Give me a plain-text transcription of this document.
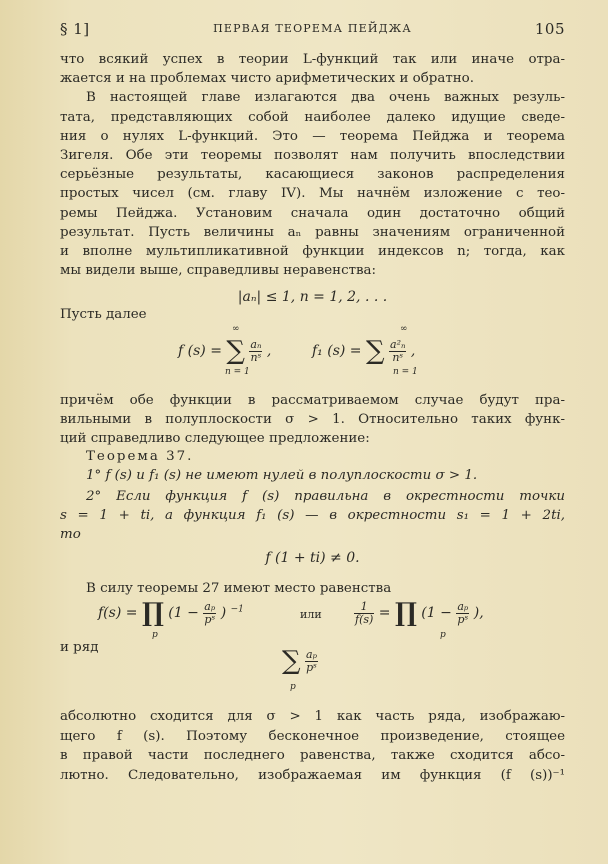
§ 1]	ПЕРВАЯ ТЕОРЕМА ПЕЙДЖА	105
что всякий успех в теории L-функций так или иначе отра-
жается и на проблемах чисто арифметических и обратно.
В настоящей главе излагаются два очень важных резуль-
тата, представляющих собой наиболее далеко идущие сведе-
ния о нулях L-функций. Это — теорема Пейджа и теорема
Зигеля. Обе эти теоремы позволят нам получить впоследствии
серьёзные результаты, касающиеся законов распределения
простых чисел (см. главу IV). Мы начнём изложение с тео-
ремы Пейджа. Установим сначала один достаточно общий
результат. Пусть величины aₙ равны значениям ограниченной
и вполне мультипликативной функции индексов n; тогда, как
мы видели выше, справедливы неравенства:
|aₙ| ≤ 1, n = 1, 2, . . .
Пусть далее
f (s) = ∑ $\frac{\text{aₙ}}{\text{nˢ}}$ ,
∞
n = 1
f₁ (s) = ∑ $\frac{\text{a²ₙ}}{\text{nˢ}}$ ,
∞
n = 1
причём обе функции в рассматриваемом случае будут пра-
вильными в полуплоскости σ > 1. Относительно таких функ-
ций справедливо следующее предложение:
Теорема 37.
1° f (s) и f₁ (s) не имеют нулей в полуплоскости σ > 1.
2° Если функция f (s) правильна в окрестности точки
s = 1 + ti, а функция f₁ (s) — в окрестности s₁ = 1 + 2ti,
то
f (1 + ti) ≠ 0.
В силу теоремы 27 имеют место равенства
f(s) = ∏ ($1 - \frac{\text{aₚ}}{\text{pˢ}}$ ) $^{-1}$
p
или	$\frac{1}{f(s)}$ = ∏ ($1 - \frac{\text{aₚ}}{\text{pˢ}}$ ),
p
и ряд	∑ $\frac{\text{aₚ}}{\text{pˢ}}$
p
абсолютно сходится для σ > 1 как часть ряда, изображаю-
щего f (s). Поэтому бесконечное произведение, стоящее
в правой части последнего равенства, также сходится абсо-
лютно. Следовательно, изображаемая им функция (f (s))⁻¹
